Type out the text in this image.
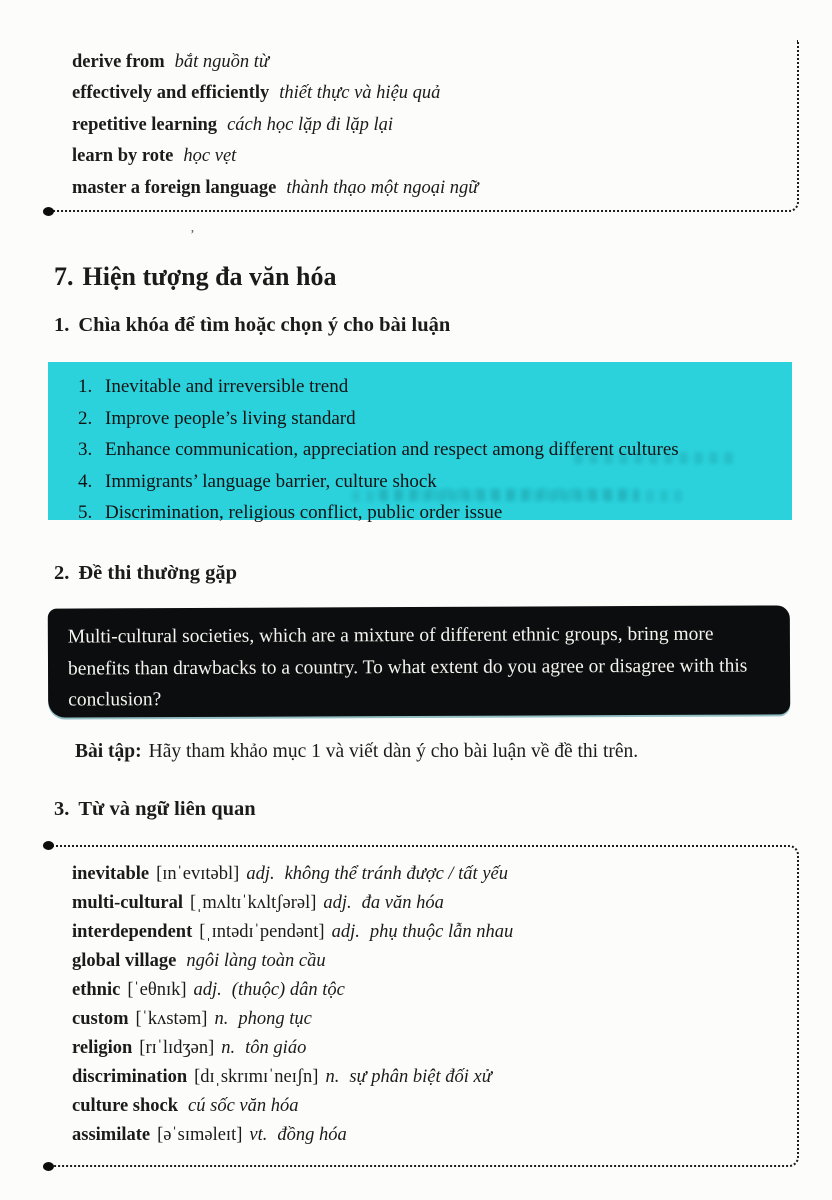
derive from bắt nguồn từ
effectively and efficiently thiết thực và hiệu quả
repetitive learning cách học lặp đi lặp lại
learn by rote học vẹt
master a foreign language thành thạo một ngoại ngữ
’
7. Hiện tượng đa văn hóa
1. Chìa khóa để tìm hoặc chọn ý cho bài luận
1. Inevitable and irreversible trend
2. Improve people’s living standard
3. Enhance communication, appreciation and respect among different cultures
4. Immigrants’ language barrier, culture shock
5. Discrimination, religious conflict, public order issue
2. Đề thi thường gặp
Multi-cultural societies, which are a mixture of different ethnic groups, bring more benefits than drawbacks to a country. To what extent do you agree or disagree with this conclusion?
Bài tập: Hãy tham khảo mục 1 và viết dàn ý cho bài luận về đề thi trên.
3. Từ và ngữ liên quan
inevitable [ɪnˈevɪtəbl] adj. không thể tránh được / tất yếu
multi-cultural [ˌmʌltɪˈkʌltʃərəl] adj. đa văn hóa
interdependent [ˌɪntədɪˈpendənt] adj. phụ thuộc lẫn nhau
global village ngôi làng toàn cầu
ethnic [ˈeθnɪk] adj. (thuộc) dân tộc
custom [ˈkʌstəm] n. phong tục
religion [rɪˈlɪdʒən] n. tôn giáo
discrimination [dɪˌskrɪmɪˈneɪʃn] n. sự phân biệt đối xử
culture shock cú sốc văn hóa
assimilate [əˈsɪməleɪt] vt. đồng hóa
